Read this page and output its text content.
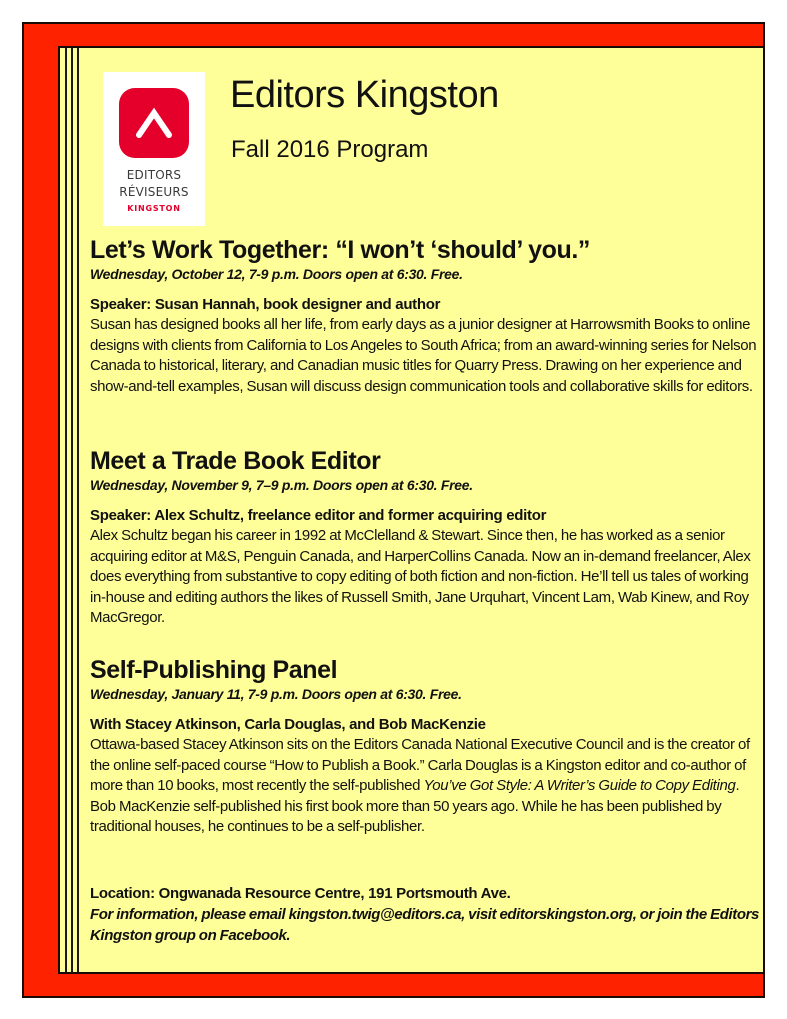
EDITORS
RÉVISEURS
KINGSTON
Editors Kingston
Fall 2016 Program
Let’s Work Together: “I won’t ‘should’ you.”
Wednesday, October 12, 7-9 p.m. Doors open at 6:30. Free.
Speaker: Susan Hannah, book designer and author
Susan has designed books all her life, from early days as a junior designer at Harrowsmith Books to online designs with clients from California to Los Angeles to South Africa; from an award-winning series for Nelson Canada to historical, literary, and Canadian music titles for Quarry Press. Drawing on her experience and show-and-tell examples, Susan will discuss design communication tools and collaborative skills for editors.
Meet a Trade Book Editor
Wednesday, November 9, 7–9 p.m. Doors open at 6:30. Free.
Speaker: Alex Schultz, freelance editor and former acquiring editor
Alex Schultz began his career in 1992 at McClelland & Stewart. Since then, he has worked as a senior acquiring editor at M&S, Penguin Canada, and HarperCollins Canada. Now an in-demand freelancer, Alex does everything from substantive to copy editing of both fiction and non-fiction. He’ll tell us tales of working in-house and editing authors the likes of Russell Smith, Jane Urquhart, Vincent Lam, Wab Kinew, and Roy MacGregor.
Self-Publishing Panel
Wednesday, January 11, 7-9 p.m. Doors open at 6:30. Free.
With Stacey Atkinson, Carla Douglas, and Bob MacKenzie
Ottawa-based Stacey Atkinson sits on the Editors Canada National Executive Council and is the creator of the online self-paced course “How to Publish a Book.” Carla Douglas is a Kingston editor and co-author of more than 10 books, most recently the self-published You’ve Got Style: A Writer’s Guide to Copy Editing. Bob MacKenzie self-published his first book more than 50 years ago. While he has been published by traditional houses, he continues to be a self-publisher.
Location: Ongwanada Resource Centre, 191 Portsmouth Ave.
For information, please email kingston.twig@editors.ca, visit editorskingston.org, or join the Editors Kingston group on Facebook.
